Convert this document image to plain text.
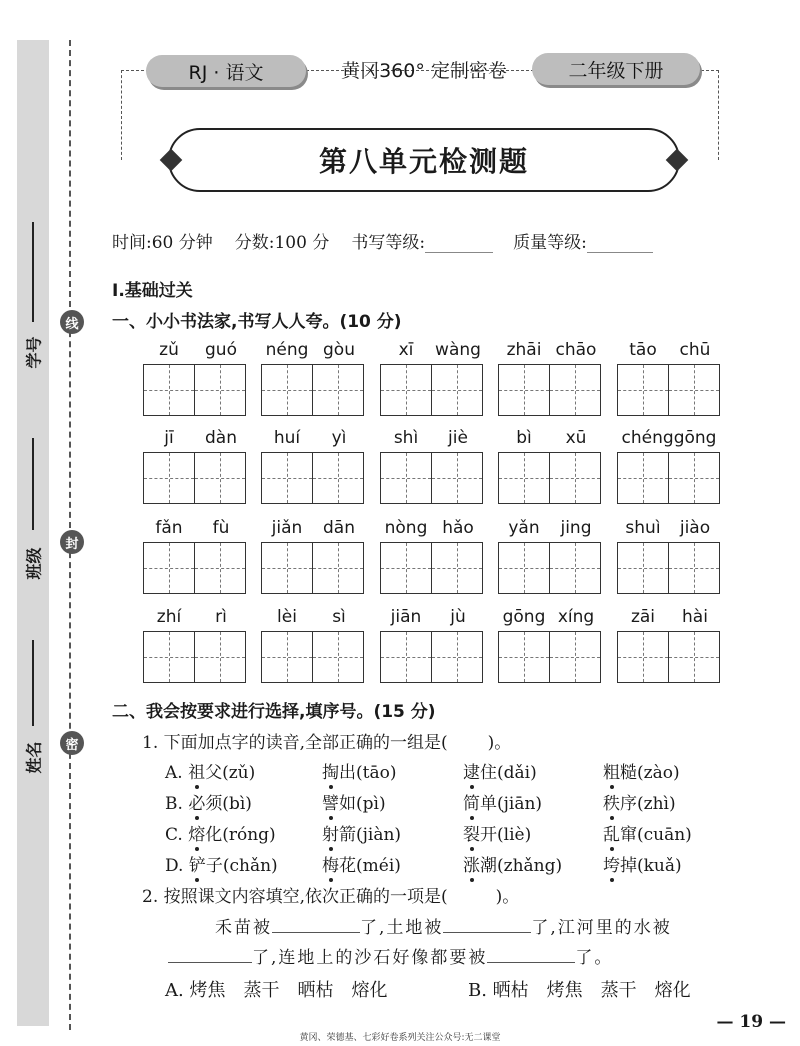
线
封
密
学号
班级
姓名
RJ · 语文	黄冈360° 定制密卷	二年级下册
第八单元检测题
时间:60 分钟 分数:100 分 书写等级:	质量等级:
Ⅰ.基础过关
一、小小书法家,书写人人夸。(10 分)
zǔ	guó	néng gòu	xī	wàng	zhāi chāo	tāo	chū
jī	dàn	huí	yì	shì	jiè	bì	xū	chénggōng
fǎn	fù	jiǎn	dān	nòng hǎo	yǎn	jing	shuì	jiào
zhí	rì	lèi	sì	jiān	jù	gōng xíng	zāi	hài
二、我会按要求进行选择,填序号。(15 分)
1. 下面加点字的读音,全部正确的一组是( )。
A. 祖父(zǔ)	掏出(tāo)	逮住(dǎi)	粗糙(zào)
B. 必须(bì)	譬如(pì)	简单(jiān)	秩序(zhì)
C. 熔化(róng)	射箭(jiàn)	裂开(liè)	乱窜(cuān)
D. 铲子(chǎn)	梅花(méi)	涨潮(zhǎng) 垮掉(kuǎ)
2. 按照课文内容填空,依次正确的一项是(	)。
禾苗被	了,土地被	了,江河里的水被
了,连地上的沙石好像都要被	了。
A. 烤焦　蒸干　晒枯　熔化	B. 晒枯　烤焦　蒸干　熔化
黄冈、荣德基、七彩好卷系列关注公众号:无二课堂
— 19 —
